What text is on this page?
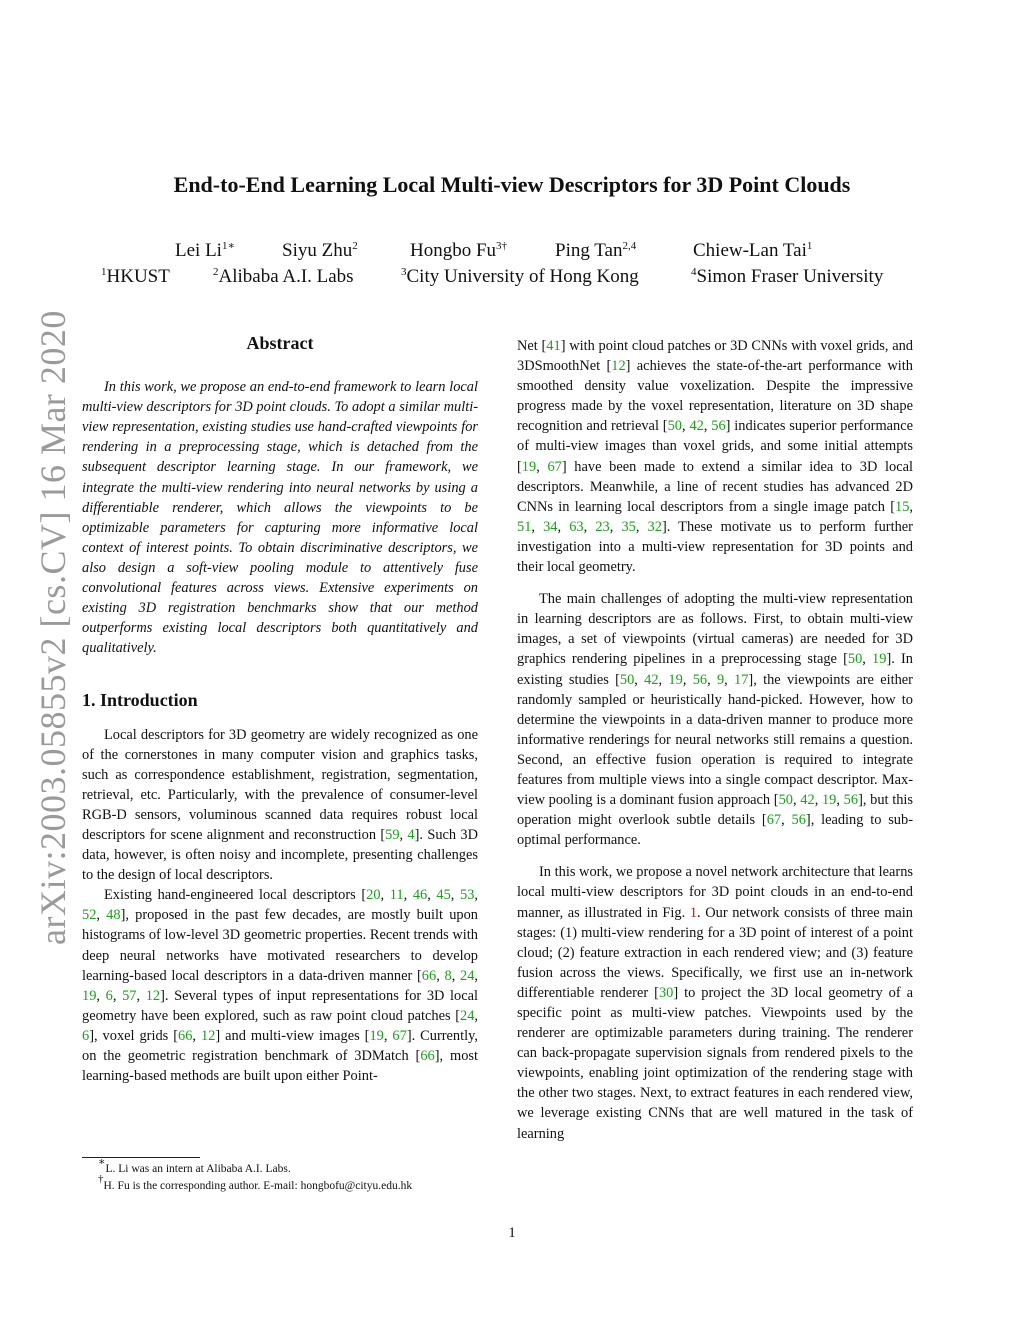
arXiv:2003.05855v2 [cs.CV] 16 Mar 2020
End-to-End Learning Local Multi-view Descriptors for 3D Point Clouds
Lei $Li^{1∗}$ Siyu Zhu$^2$	Hongbo $Fu^{3\dagger}$	Ping Tan$^{2,4}$	Chiew-Lan Tai$^1$
$^1$HKUST	$^2$Alibaba A.I. Labs	$^3$City University of Hong Kong	$^4$Simon Fraser University

Abstract

In this work, we propose an end-to-end framework to learn local multi-view descriptors for 3D point clouds. To adopt a similar multi-view representation, existing studies use hand-crafted viewpoints for rendering in a preprocessing stage, which is detached from the subsequent descriptor learning stage. In our framework, we integrate the multi-view rendering into neural networks by using a differentiable renderer, which allows the viewpoints to be optimizable parameters for capturing more informative local context of interest points. To obtain discriminative descriptors, we also design a soft-view pooling module to attentively fuse convolutional features across views. Extensive experiments on existing 3D registration benchmarks show that our method outperforms existing local descriptors both quantitatively and qualitatively.

1. Introduction

Local descriptors for 3D geometry are widely recognized as one of the cornerstones in many computer vision and graphics tasks, such as correspondence establishment, registration, segmentation, retrieval, etc. Particularly, with the prevalence of consumer-level RGB-D sensors, voluminous scanned data requires robust local descriptors for scene alignment and reconstruction [59, 4]. Such 3D data, however, is often noisy and incomplete, presenting challenges to the design of local descriptors.

Existing hand-engineered local descriptors [20, 11, 46, 45, 53, 52, 48], proposed in the past few decades, are mostly built upon histograms of low-level 3D geometric properties. Recent trends with deep neural networks have motivated researchers to develop learning-based local descriptors in a data-driven manner [66, 8, 24, 19, 6, 57, 12]. Several types of input representations for 3D local geometry have been explored, such as raw point cloud patches [24, 6], voxel grids [66, 12] and multi-view images [19, 67]. Currently, on the geometric registration benchmark of 3DMatch [66], most learning-based methods are built upon either Point-

Net [41] with point cloud patches or 3D CNNs with voxel grids, and 3DSmoothNet [12] achieves the state-of-the-art performance with smoothed density value voxelization. Despite the impressive progress made by the voxel representation, literature on 3D shape recognition and retrieval [50, 42, 56] indicates superior performance of multi-view images than voxel grids, and some initial attempts [19, 67] have been made to extend a similar idea to 3D local descriptors. Meanwhile, a line of recent studies has advanced 2D CNNs in learning local descriptors from a single image patch [15, 51, 34, 63, 23, 35, 32]. These motivate us to perform further investigation into a multi-view representation for 3D points and their local geometry.

The main challenges of adopting the multi-view representation in learning descriptors are as follows. First, to obtain multi-view images, a set of viewpoints (virtual cameras) are needed for 3D graphics rendering pipelines in a preprocessing stage [50, 19]. In existing studies [50, 42, 19, 56, 9, 17], the viewpoints are either randomly sampled or heuristically hand-picked. However, how to determine the viewpoints in a data-driven manner to produce more informative renderings for neural networks still remains a question. Second, an effective fusion operation is required to integrate features from multiple views into a single compact descriptor. Max-view pooling is a dominant fusion approach [50, 42, 19, 56], but this operation might overlook subtle details [67, 56], leading to sub-optimal performance.

In this work, we propose a novel network architecture that learns local multi-view descriptors for 3D point clouds in an end-to-end manner, as illustrated in Fig. 1. Our network consists of three main stages: (1) multi-view rendering for a 3D point of interest of a point cloud; (2) feature extraction in each rendered view; and (3) feature fusion across the views. Specifically, we first use an in-network differentiable renderer [30] to project the 3D local geometry of a specific point as multi-view patches. Viewpoints used by the renderer are optimizable parameters during training. The renderer can back-propagate supervision signals from rendered pixels to the viewpoints, enabling joint optimization of the rendering stage with the other two stages. Next, to extract features in each rendered view, we leverage existing CNNs that are well matured in the task of learning

∗L. Li was an intern at Alibaba A.I. Labs.

†H. Fu is the corresponding author. E-mail: hongbofu@cityu.edu.hk

1
